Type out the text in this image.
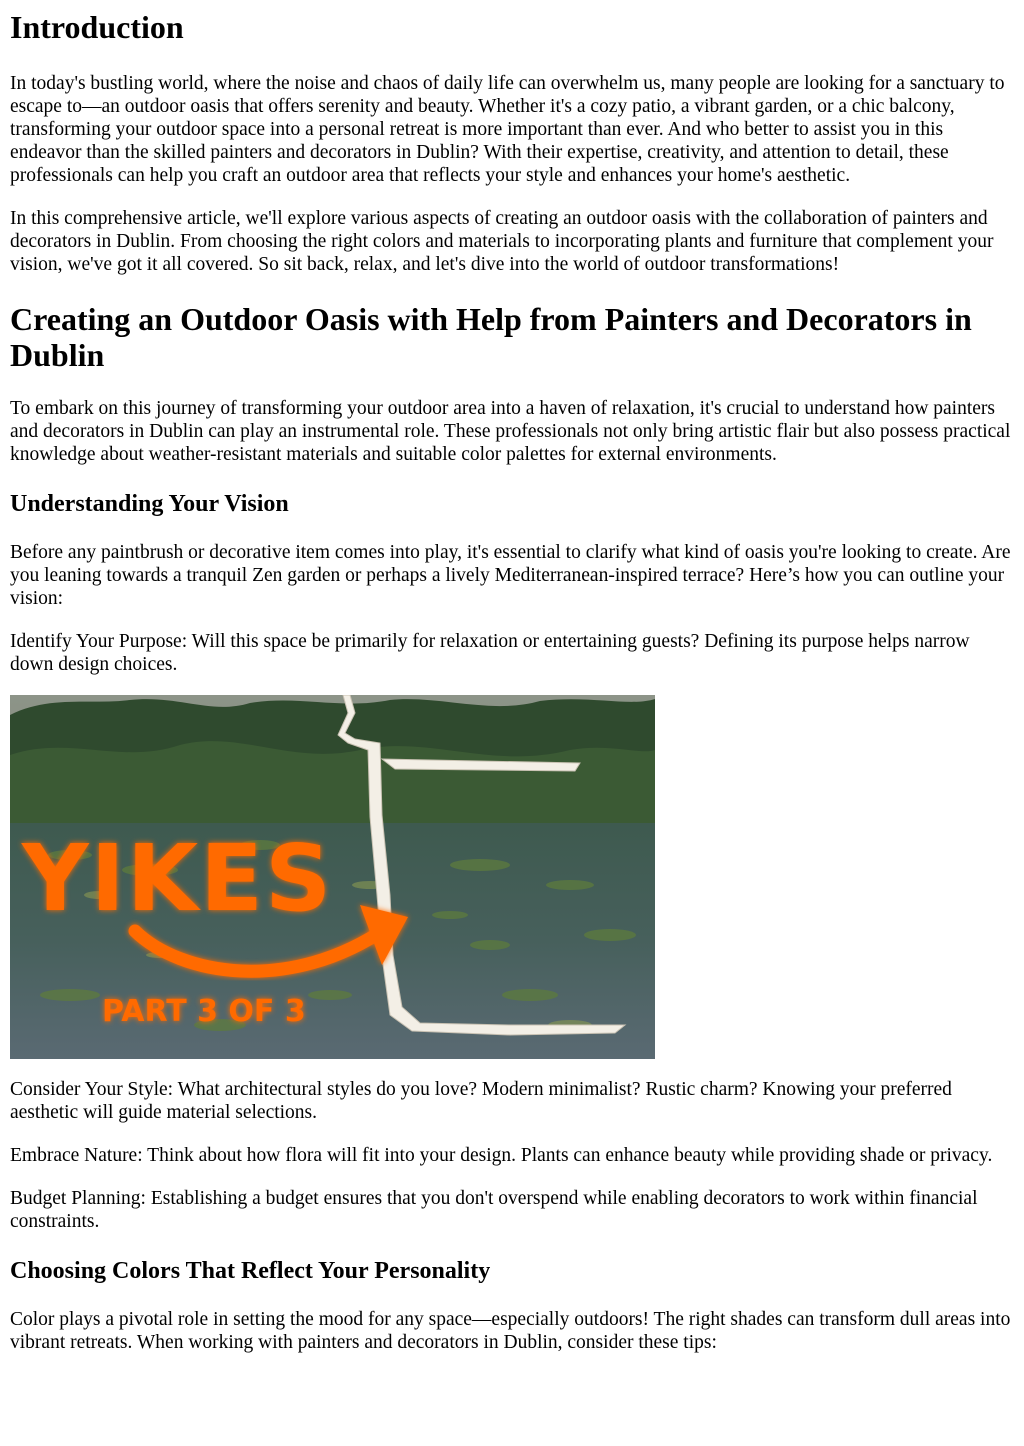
Introduction

In today's bustling world, where the noise and chaos of daily life can overwhelm us, many people are looking for a sanctuary to escape to—an outdoor oasis that offers serenity and beauty. Whether it's a cozy patio, a vibrant garden, or a chic balcony, transforming your outdoor space into a personal retreat is more important than ever. And who better to assist you in this endeavor than the skilled painters and decorators in Dublin? With their expertise, creativity, and attention to detail, these professionals can help you craft an outdoor area that reflects your style and enhances your home's aesthetic.

In this comprehensive article, we'll explore various aspects of creating an outdoor oasis with the collaboration of painters and decorators in Dublin. From choosing the right colors and materials to incorporating plants and furniture that complement your vision, we've got it all covered. So sit back, relax, and let's dive into the world of outdoor transformations!

Creating an Outdoor Oasis with Help from Painters and Decorators in Dublin

To embark on this journey of transforming your outdoor area into a haven of relaxation, it's crucial to understand how painters and decorators in Dublin can play an instrumental role. These professionals not only bring artistic flair but also possess practical knowledge about weather-resistant materials and suitable color palettes for external environments.

Understanding Your Vision

Before any paintbrush or decorative item comes into play, it's essential to clarify what kind of oasis you're looking to create. Are you leaning towards a tranquil Zen garden or perhaps a lively Mediterranean-inspired terrace? Here’s how you can outline your vision:

Identify Your Purpose: Will this space be primarily for relaxation or entertaining guests? Defining its purpose helps narrow down design choices.

YIKES
PART 3 OF 3

Consider Your Style: What architectural styles do you love? Modern minimalist? Rustic charm? Knowing your preferred aesthetic will guide material selections.

Embrace Nature: Think about how flora will fit into your design. Plants can enhance beauty while providing shade or privacy.

Budget Planning: Establishing a budget ensures that you don't overspend while enabling decorators to work within financial constraints.

Choosing Colors That Reflect Your Personality

Color plays a pivotal role in setting the mood for any space—especially outdoors! The right shades can transform dull areas into vibrant retreats. When working with painters and decorators in Dublin, consider these tips:
